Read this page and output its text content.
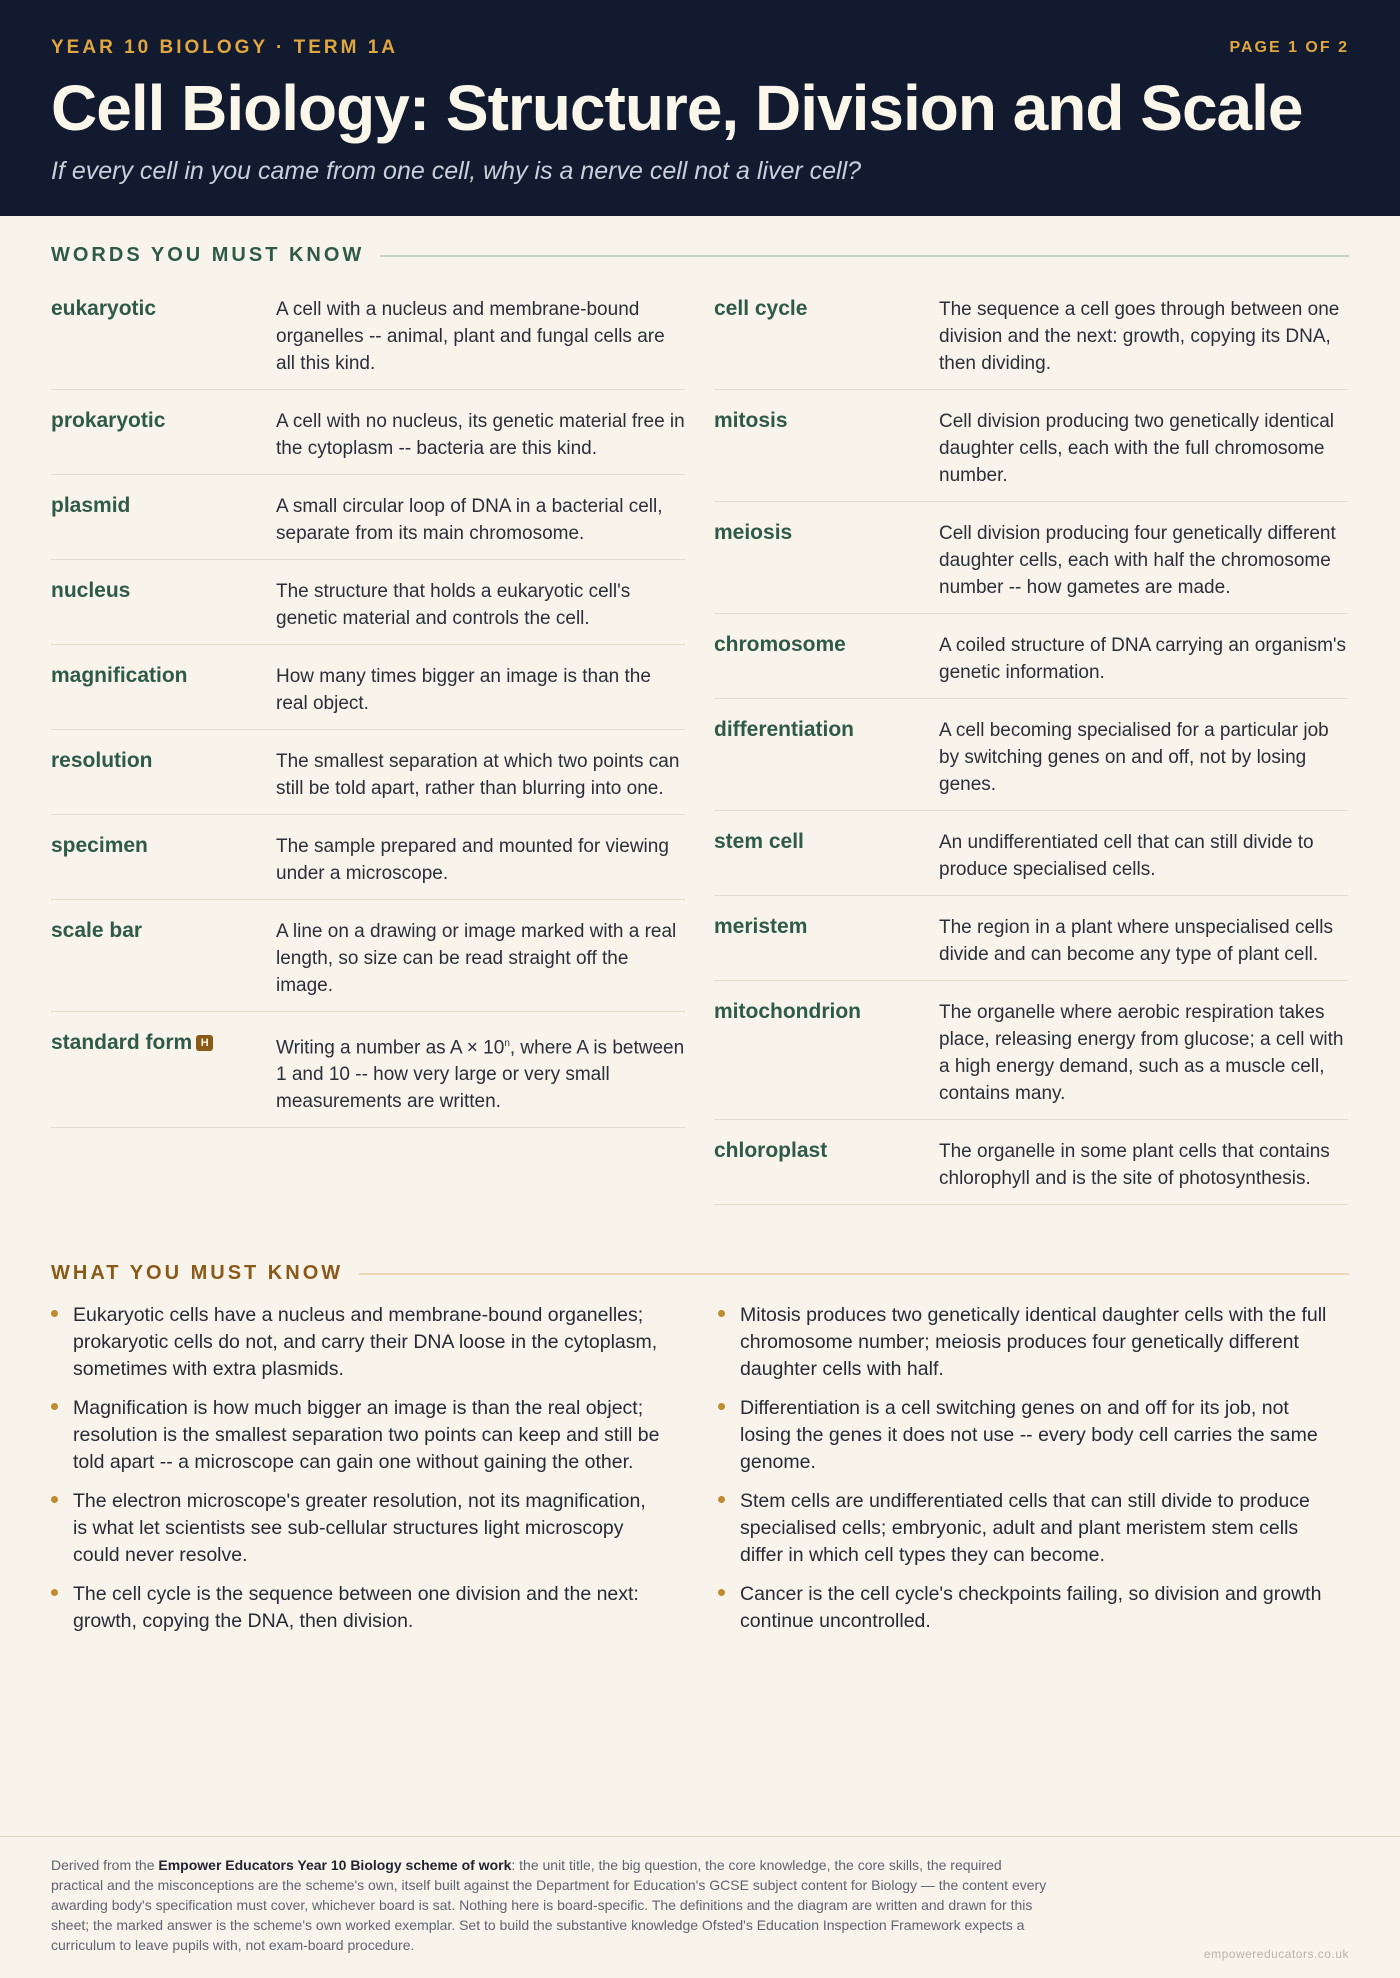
YEAR 10 BIOLOGY · TERM 1A	PAGE 1 OF 2
Cell Biology: Structure, Division and Scale
If every cell in you came from one cell, why is a nerve cell not a liver cell?
WORDS YOU MUST KNOW
eukaryotic	A cell with a nucleus and membrane-bound organelles -- animal, plant and fungal cells are all this kind.
prokaryotic	A cell with no nucleus, its genetic material free in the cytoplasm -- bacteria are this kind.
plasmid	A small circular loop of DNA in a bacterial cell, separate from its main chromosome.
nucleus	The structure that holds a eukaryotic cell's genetic material and controls the cell.
magnification	How many times bigger an image is than the real object.
resolution	The smallest separation at which two points can still be told apart, rather than blurring into one.
specimen	The sample prepared and mounted for viewing under a microscope.
scale bar	A line on a drawing or image marked with a real length, so size can be read straight off the image.
standard form H	Writing a number as $A \times 10^n$, where A is between 1 and 10 -- how very large or very small measurements are written.
cell cycle	The sequence a cell goes through between one division and the next: growth, copying its DNA, then dividing.
mitosis	Cell division producing two genetically identical daughter cells, each with the full chromosome number.
meiosis	Cell division producing four genetically different daughter cells, each with half the chromosome number -- how gametes are made.
chromosome	A coiled structure of DNA carrying an organism's genetic information.
differentiation	A cell becoming specialised for a particular job by switching genes on and off, not by losing genes.
stem cell	An undifferentiated cell that can still divide to produce specialised cells.
meristem	The region in a plant where unspecialised cells divide and can become any type of plant cell.
mitochondrion	The organelle where aerobic respiration takes place, releasing energy from glucose; a cell with a high energy demand, such as a muscle cell, contains many.
chloroplast	The organelle in some plant cells that contains chlorophyll and is the site of photosynthesis.
WHAT YOU MUST KNOW
Eukaryotic cells have a nucleus and membrane-bound organelles; prokaryotic cells do not, and carry their DNA loose in the cytoplasm, sometimes with extra plasmids.
Magnification is how much bigger an image is than the real object; resolution is the smallest separation two points can keep and still be told apart -- a microscope can gain one without gaining the other.
The electron microscope's greater resolution, not its magnification, is what let scientists see sub-cellular structures light microscopy could never resolve.
The cell cycle is the sequence between one division and the next: growth, copying the DNA, then division.
Mitosis produces two genetically identical daughter cells with the full chromosome number; meiosis produces four genetically different daughter cells with half.
Differentiation is a cell switching genes on and off for its job, not losing the genes it does not use -- every body cell carries the same genome.
Stem cells are undifferentiated cells that can still divide to produce specialised cells; embryonic, adult and plant meristem stem cells differ in which cell types they can become.
Cancer is the cell cycle's checkpoints failing, so division and growth continue uncontrolled.
Derived from the Empower Educators Year 10 Biology scheme of work: the unit title, the big question, the core knowledge, the core skills, the required practical and the misconceptions are the scheme's own, itself built against the Department for Education's GCSE subject content for Biology — the content every awarding body's specification must cover, whichever board is sat. Nothing here is board-specific. The definitions and the diagram are written and drawn for this sheet; the marked answer is the scheme's own worked exemplar. Set to build the substantive knowledge Ofsted's Education Inspection Framework expects a curriculum to leave pupils with, not exam-board procedure.
empowereducators.co.uk
